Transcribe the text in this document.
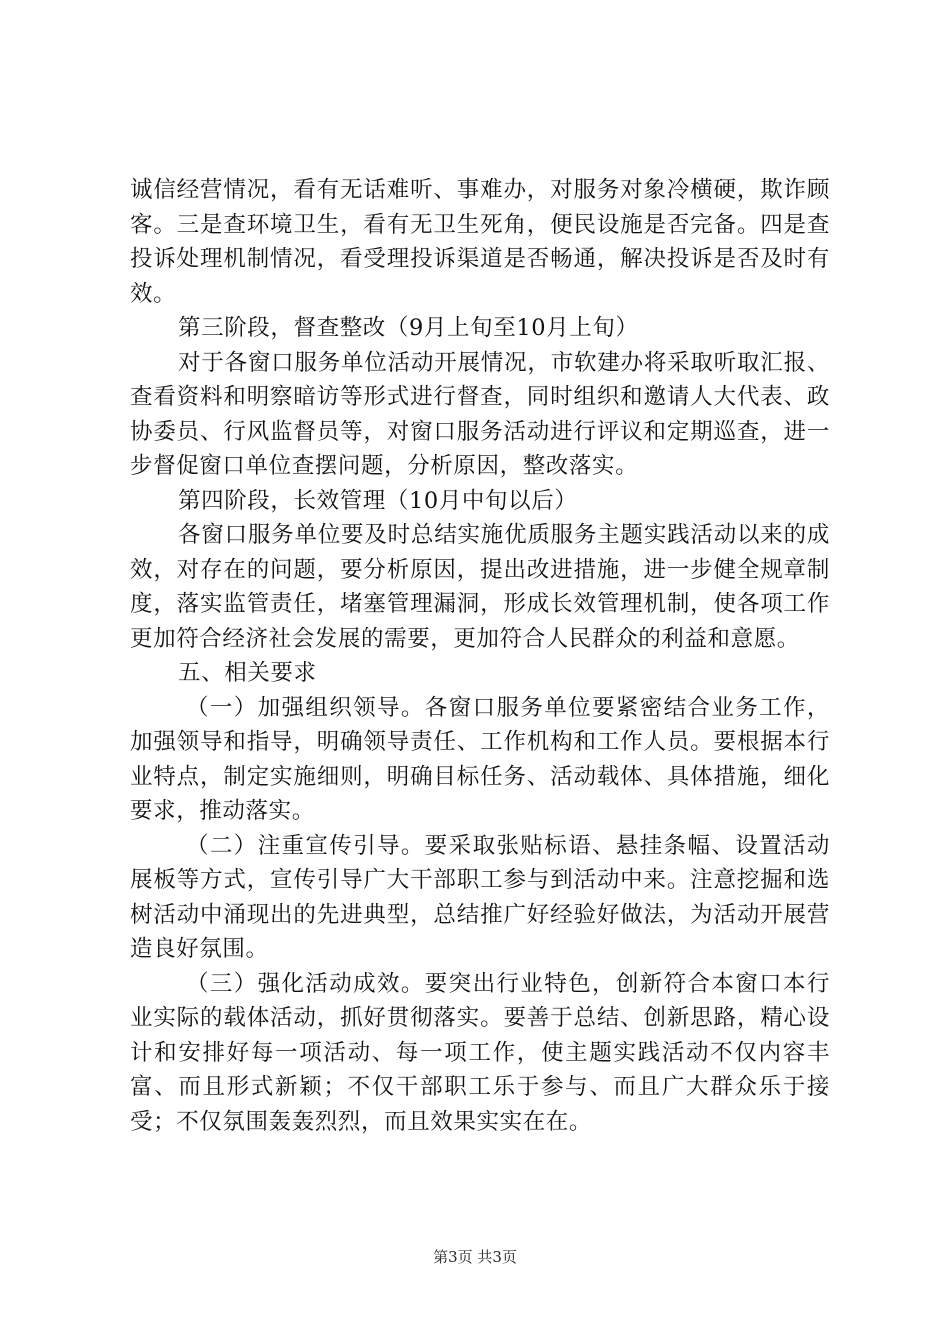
诚信经营情况，看有无话难听、事难办，对服务对象冷横硬，欺诈顾客。三是查环境卫生，看有无卫生死角，便民设施是否完备。四是查投诉处理机制情况，看受理投诉渠道是否畅通，解决投诉是否及时有效。

第三阶段，督查整改（9月上旬至10月上旬）

对于各窗口服务单位活动开展情况，市软建办将采取听取汇报、查看资料和明察暗访等形式进行督查，同时组织和邀请人大代表、政协委员、行风监督员等，对窗口服务活动进行评议和定期巡查，进一步督促窗口单位查摆问题，分析原因，整改落实。

第四阶段，长效管理（10月中旬以后）

各窗口服务单位要及时总结实施优质服务主题实践活动以来的成效，对存在的问题，要分析原因，提出改进措施，进一步健全规章制度，落实监管责任，堵塞管理漏洞，形成长效管理机制，使各项工作更加符合经济社会发展的需要，更加符合人民群众的利益和意愿。

五、相关要求

（一）加强组织领导。各窗口服务单位要紧密结合业务工作，加强领导和指导，明确领导责任、工作机构和工作人员。要根据本行业特点，制定实施细则，明确目标任务、活动载体、具体措施，细化要求，推动落实。

（二）注重宣传引导。要采取张贴标语、悬挂条幅、设置活动展板等方式，宣传引导广大干部职工参与到活动中来。注意挖掘和选树活动中涌现出的先进典型，总结推广好经验好做法，为活动开展营造良好氛围。

（三）强化活动成效。要突出行业特色，创新符合本窗口本行业实际的载体活动，抓好贯彻落实。要善于总结、创新思路，精心设计和安排好每一项活动、每一项工作，使主题实践活动不仅内容丰富、而且形式新颖；不仅干部职工乐于参与、而且广大群众乐于接受；不仅氛围轰轰烈烈，而且效果实实在在。

第3页 共3页
